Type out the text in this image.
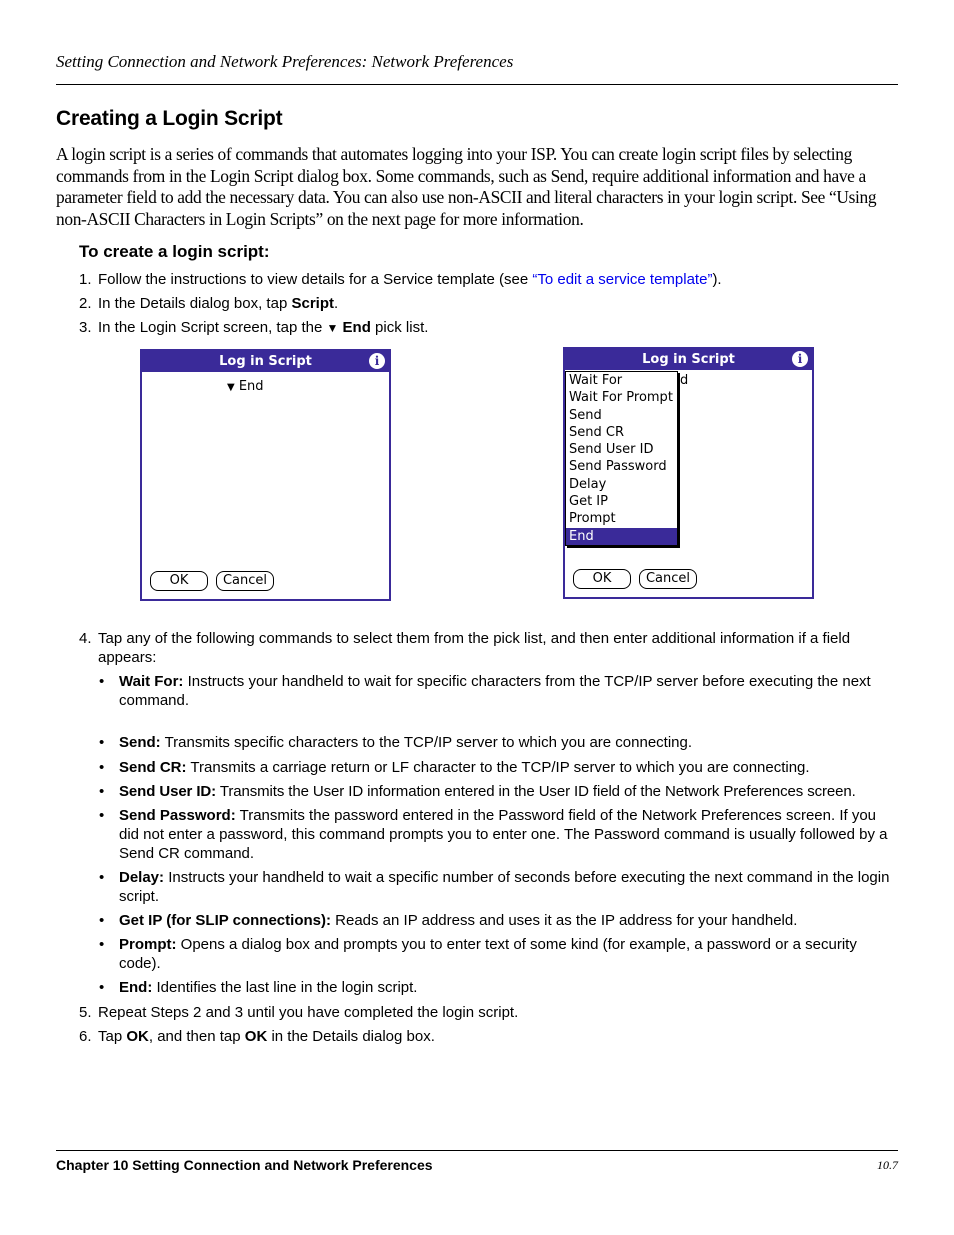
Setting Connection and Network Preferences: Network Preferences
Creating a Login Script
A login script is a series of commands that automates logging into your ISP. You can create login script files by selecting commands from in the Login Script dialog box. Some commands, such as Send, require additional information and have a parameter field to add the necessary data. You can also use non-ASCII and literal characters in your login script. See “Using non-ASCII Characters in Login Scripts” on the next page for more information.
To create a login script:
1. Follow the instructions to view details for a Service template (see “To edit a service template”).
2. In the Details dialog box, tap Script.
3. In the Login Script screen, tap the ▼ End pick list.
Log in Script	i
▼ End
OK	Cancel
Log in Script	i
d
OK	Cancel
Wait For
Wait For Prompt
Send
Send CR
Send User ID
Send Password
Delay
Get IP
Prompt
End
4. Tap any of the following commands to select them from the pick list, and then enter additional information if a field appears:
• Wait For: Instructs your handheld to wait for specific characters from the TCP/IP server before executing the next command.
• Send: Transmits specific characters to the TCP/IP server to which you are connecting.
• Send CR: Transmits a carriage return or LF character to the TCP/IP server to which you are connecting.
• Send User ID: Transmits the User ID information entered in the User ID field of the Network Preferences screen.
• Send Password: Transmits the password entered in the Password field of the Network Preferences screen. If you did not enter a password, this command prompts you to enter one. The Password command is usually followed by a Send CR command.
• Delay: Instructs your handheld to wait a specific number of seconds before executing the next command in the login script.
• Get IP (for SLIP connections): Reads an IP address and uses it as the IP address for your handheld.
• Prompt: Opens a dialog box and prompts you to enter text of some kind (for example, a password or a security code).
• End: Identifies the last line in the login script.
5. Repeat Steps 2 and 3 until you have completed the login script.
6. Tap OK, and then tap OK in the Details dialog box.
Chapter 10 Setting Connection and Network Preferences	10.7
